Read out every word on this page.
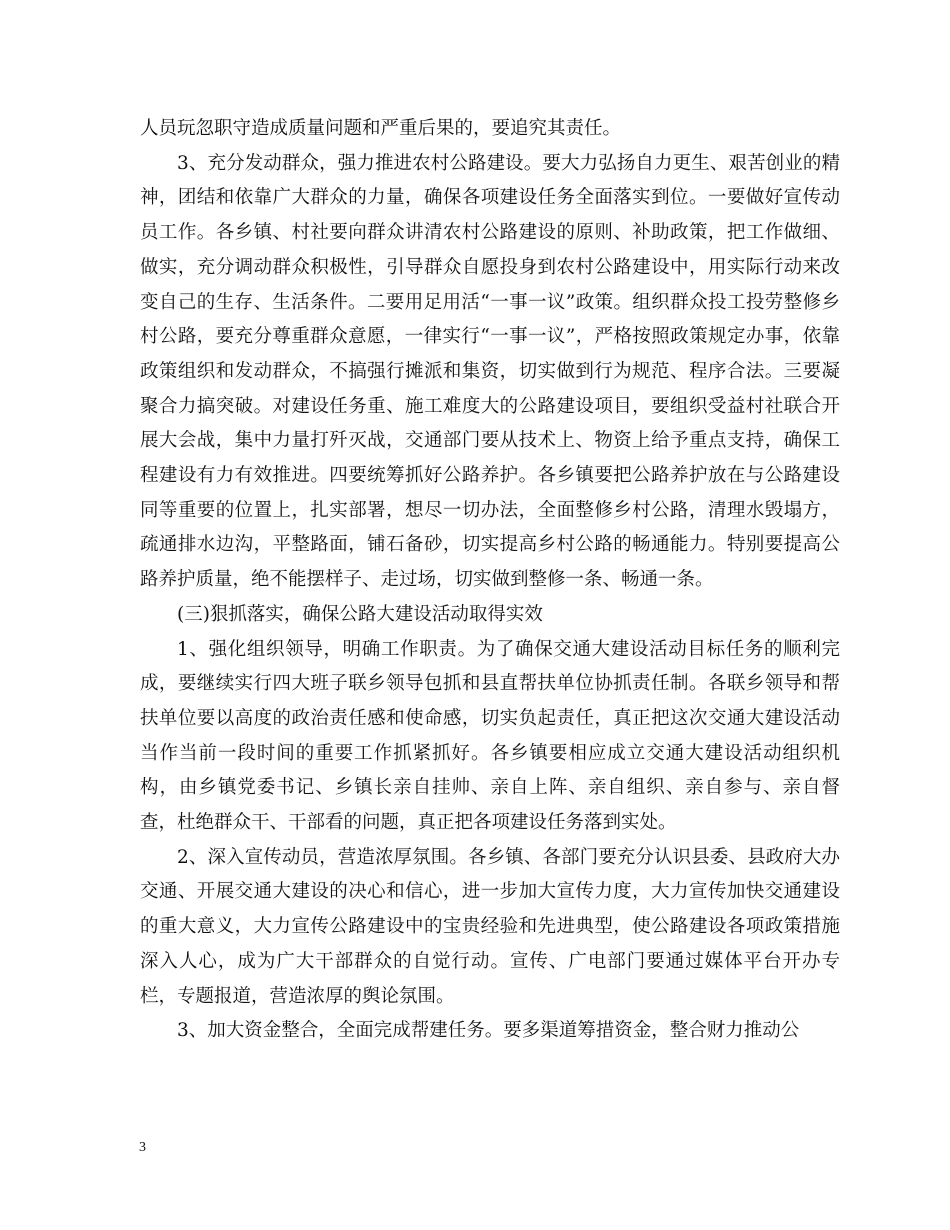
人员玩忽职守造成质量问题和严重后果的，要追究其责任。

3、充分发动群众，强力推进农村公路建设。要大力弘扬自力更生、艰苦创业的精神，团结和依靠广大群众的力量，确保各项建设任务全面落实到位。一要做好宣传动员工作。各乡镇、村社要向群众讲清农村公路建设的原则、补助政策，把工作做细、做实，充分调动群众积极性，引导群众自愿投身到农村公路建设中，用实际行动来改变自己的生存、生活条件。二要用足用活“一事一议”政策。组织群众投工投劳整修乡村公路，要充分尊重群众意愿，一律实行“一事一议”，严格按照政策规定办事，依靠政策组织和发动群众，不搞强行摊派和集资，切实做到行为规范、程序合法。三要凝聚合力搞突破。对建设任务重、施工难度大的公路建设项目，要组织受益村社联合开展大会战，集中力量打歼灭战，交通部门要从技术上、物资上给予重点支持，确保工程建设有力有效推进。四要统筹抓好公路养护。各乡镇要把公路养护放在与公路建设同等重要的位置上，扎实部署，想尽一切办法，全面整修乡村公路，清理水毁塌方，疏通排水边沟，平整路面，铺石备砂，切实提高乡村公路的畅通能力。特别要提高公路养护质量，绝不能摆样子、走过场，切实做到整修一条、畅通一条。

(三)狠抓落实，确保公路大建设活动取得实效

1、强化组织领导，明确工作职责。为了确保交通大建设活动目标任务的顺利完成，要继续实行四大班子联乡领导包抓和县直帮扶单位协抓责任制。各联乡领导和帮扶单位要以高度的政治责任感和使命感，切实负起责任，真正把这次交通大建设活动当作当前一段时间的重要工作抓紧抓好。各乡镇要相应成立交通大建设活动组织机构，由乡镇党委书记、乡镇长亲自挂帅、亲自上阵、亲自组织、亲自参与、亲自督查，杜绝群众干、干部看的问题，真正把各项建设任务落到实处。

2、深入宣传动员，营造浓厚氛围。各乡镇、各部门要充分认识县委、县政府大办交通、开展交通大建设的决心和信心，进一步加大宣传力度，大力宣传加快交通建设的重大意义，大力宣传公路建设中的宝贵经验和先进典型，使公路建设各项政策措施深入人心，成为广大干部群众的自觉行动。宣传、广电部门要通过媒体平台开办专栏，专题报道，营造浓厚的舆论氛围。

3、加大资金整合，全面完成帮建任务。要多渠道筹措资金，整合财力推动公

3
